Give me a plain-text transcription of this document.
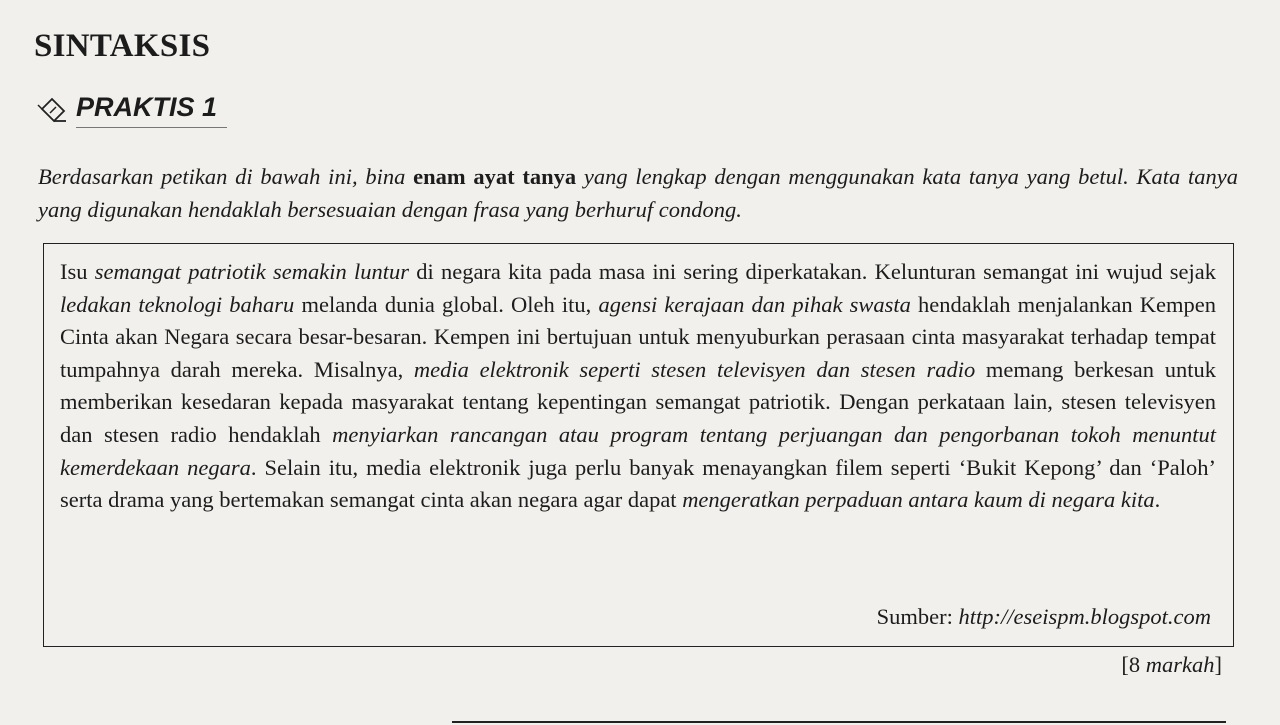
SINTAKSIS
PRAKTIS 1

Berdasarkan petikan di bawah ini, bina enam ayat tanya yang lengkap dengan menggunakan kata tanya yang betul. Kata tanya yang digunakan hendaklah bersesuaian dengan frasa yang berhuruf condong.

Isu semangat patriotik semakin luntur di negara kita pada masa ini sering diperkatakan. Kelunturan semangat ini wujud sejak ledakan teknologi baharu melanda dunia global. Oleh itu, agensi kerajaan dan pihak swasta hendaklah menjalankan Kempen Cinta akan Negara secara besar-besaran. Kempen ini bertujuan untuk menyuburkan perasaan cinta masyarakat terhadap tempat tumpahnya darah mereka. Misalnya, media elektronik seperti stesen televisyen dan stesen radio memang berkesan untuk memberikan kesedaran kepada masyarakat tentang kepentingan semangat patriotik. Dengan perkataan lain, stesen televisyen dan stesen radio hendaklah menyiarkan rancangan atau program tentang perjuangan dan pengorbanan tokoh menuntut kemerdekaan negara. Selain itu, media elektronik juga perlu banyak menayangkan filem seperti ‘Bukit Kepong’ dan ‘Paloh’ serta drama yang bertemakan semangat cinta akan negara agar dapat mengeratkan perpaduan antara kaum di negara kita.

Sumber: http://eseispm.blogspot.com

[8 markah]
